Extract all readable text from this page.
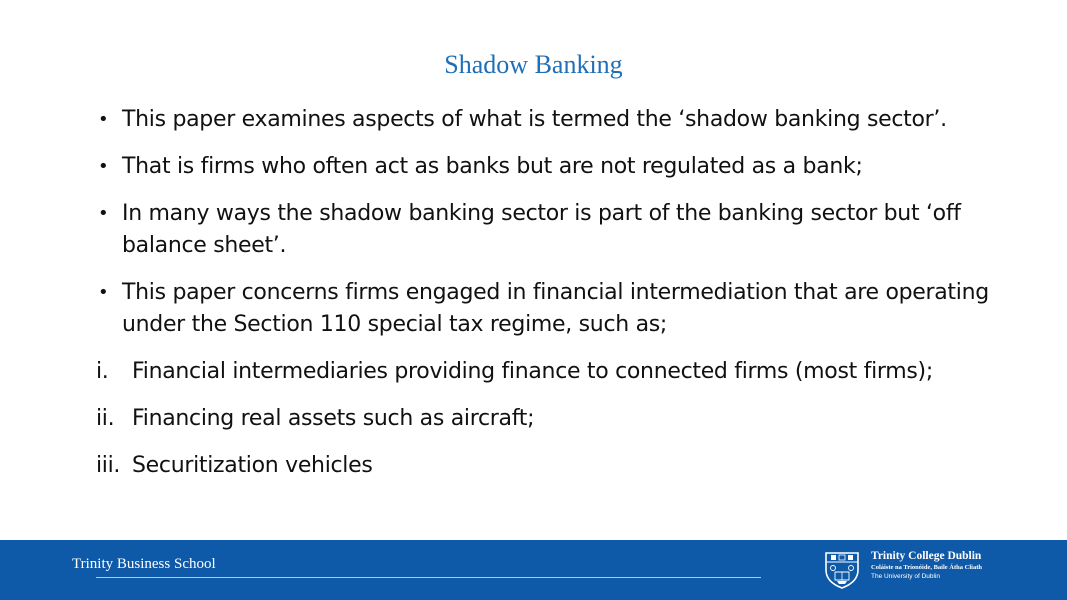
Shadow Banking
• This paper examines aspects of what is termed the ‘shadow banking sector’.
• That is firms who often act as banks but are not regulated as a bank;
• In many ways the shadow banking sector is part of the banking sector but ‘off balance sheet’.
• This paper concerns firms engaged in financial intermediation that are operating under the Section 110 special tax regime, such as;
i.	Financial intermediaries providing finance to connected firms (most firms);
ii. Financing real assets such as aircraft;
iii. Securitization vehicles
Trinity Business School	Trinity College Dublin
Coláiste na Tríonóide, Baile Átha Cliath
The University of Dublin
